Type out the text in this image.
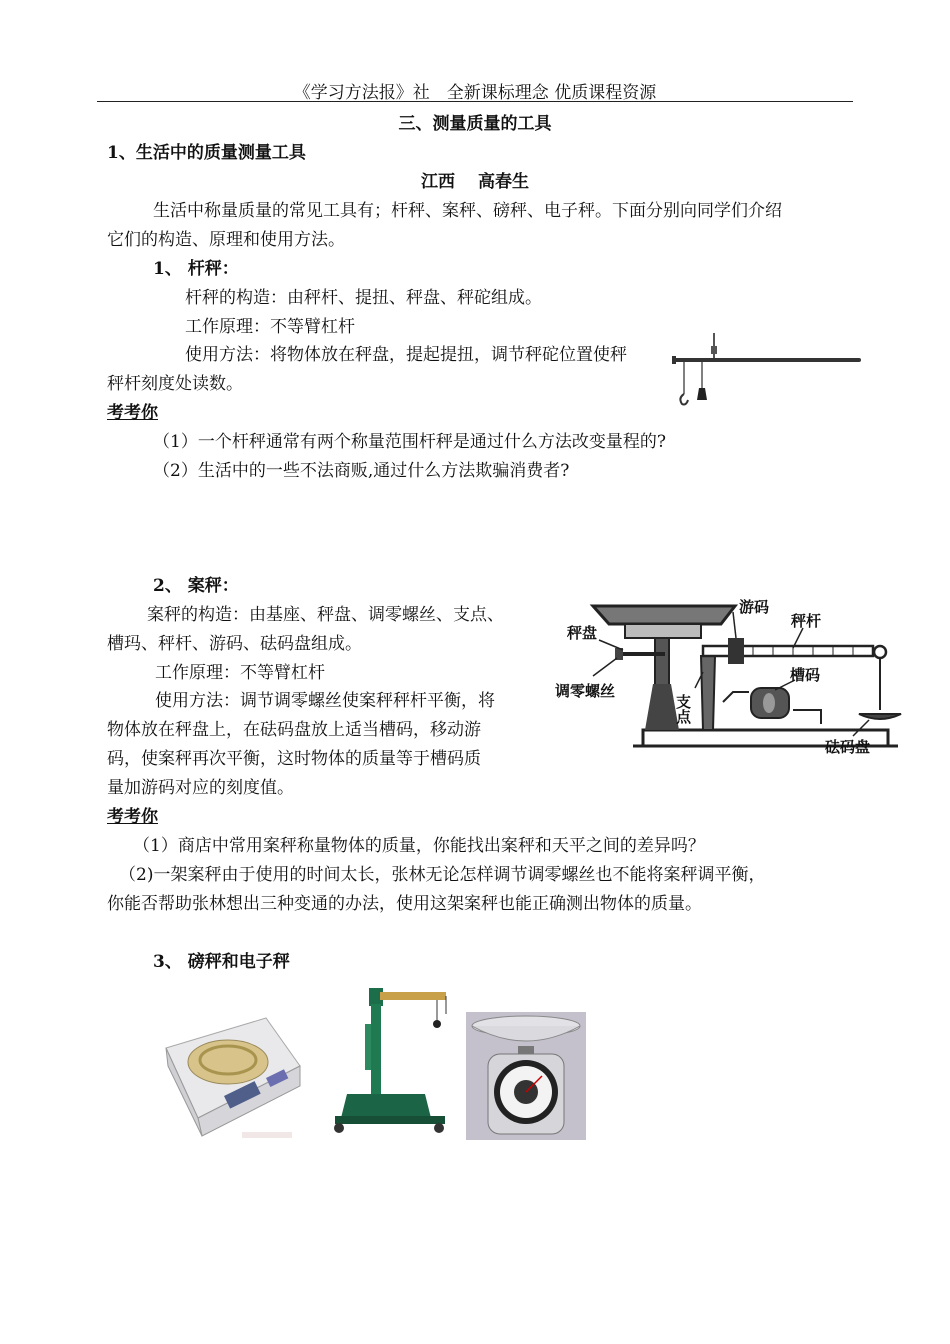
《学习方法报》社　全新课标理念 优质课程资源
三、测量质量的工具
1、生活中的质量测量工具
江西　 高春生
生活中称量质量的常见工具有；杆秤、案秤、磅秤、电子秤。下面分别向同学们介绍
它们的构造、原理和使用方法。
1、 杆秤：
杆秤的构造：由秤杆、提扭、秤盘、秤砣组成。
工作原理：不等臂杠杆
使用方法：将物体放在秤盘，提起提扭，调节秤砣位置使秤
秤杆刻度处读数。
考考你
（1）一个杆秤通常有两个称量范围杆秤是通过什么方法改变量程的?
（2）生活中的一些不法商贩,通过什么方法欺骗消费者?
2、 案秤：
案秤的构造：由基座、秤盘、调零螺丝、支点、
槽玛、秤杆、游码、砝码盘组成。
工作原理：不等臂杠杆
使用方法：调节调零螺丝使案秤秤杆平衡，将
物体放在秤盘上，在砝码盘放上适当槽码，移动游
码，使案秤再次平衡，这时物体的质量等于槽码质
量加游码对应的刻度值。
游码
秤杆
秤盘
调零螺丝
槽码
砝码盘
支点
考考你
（1）商店中常用案秤称量物体的质量，你能找出案秤和天平之间的差异吗？
（2)一架案秤由于使用的时间太长，张林无论怎样调节调零螺丝也不能将案秤调平衡，
你能否帮助张林想出三种变通的办法，使用这架案秤也能正确测出物体的质量。
3、 磅秤和电子秤
